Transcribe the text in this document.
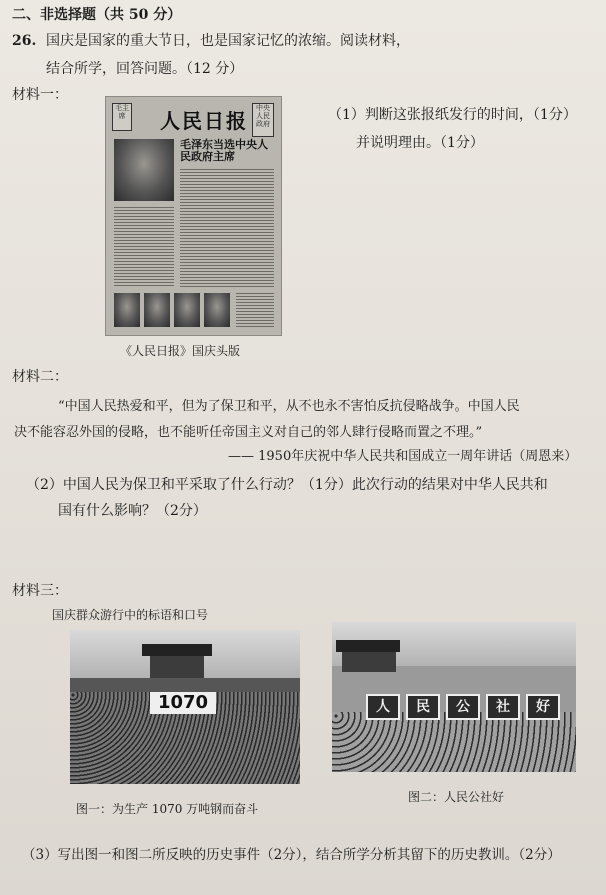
二、非选择题（共 50 分）
26. 国庆是国家的重大节日，也是国家记忆的浓缩。阅读材料，
结合所学，回答问题。（12 分）
材料一：
毛主席	人民日报
中央人民政府
毛泽东当选中央人民政府主席
《人民日报》国庆头版
（1）判断这张报纸发行的时间，（1分）
并说明理由。（1分）
材料二：
“中国人民热爱和平，但为了保卫和平，从不也永不害怕反抗侵略战争。中国人民
决不能容忍外国的侵略，也不能听任帝国主义对自己的邻人肆行侵略而置之不理。”
—— 1950年庆祝中华人民共和国成立一周年讲话（周恩来）
（2）中国人民为保卫和平采取了什么行动？（1分）此次行动的结果对中华人民共和
国有什么影响？（2分）
材料三：
国庆群众游行中的标语和口号
1070
图一：为生产 1070 万吨钢而奋斗
人	民	公	社	好
图二：人民公社好
（3）写出图一和图二所反映的历史事件（2分），结合所学分析其留下的历史教训。（2分）
